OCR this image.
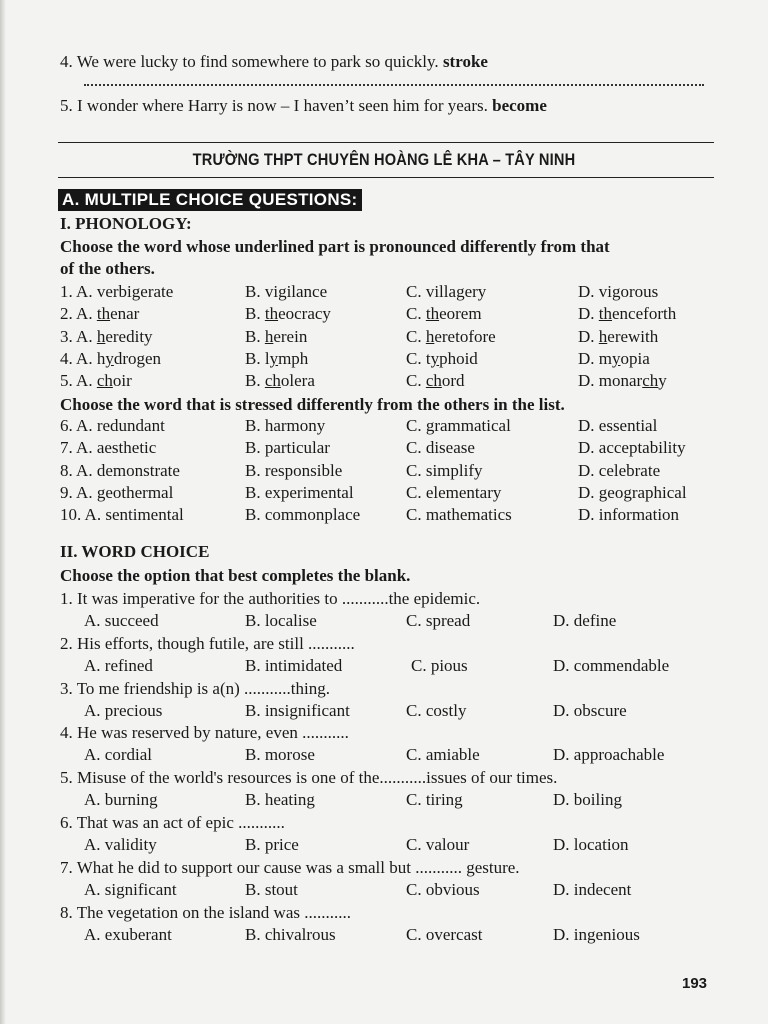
4. We were lucky to find somewhere to park so quickly. stroke
5. I wonder where Harry is now – I haven’t seen him for years. become
TRƯỜNG THPT CHUYÊN HOÀNG LÊ KHA – TÂY NINH
A. MULTIPLE CHOICE QUESTIONS:
I. PHONOLOGY:
Choose the word whose underlined part is pronounced differently from that
of the others.
1. A. verbigerate	B. vigilance	C. villagery	D. vigorous
2. A. thenar	B. theocracy	C. theorem	D. thenceforth
3. A. heredity	B. herein	C. heretofore	D. herewith
4. A. hydrogen	B. lymph	C. typhoid	D. myopia
5. A. choir	B. cholera	C. chord	D. monarchy
Choose the word that is stressed differently from the others in the list.
6. A. redundant	B. harmony	C. grammatical	D. essential
7. A. aesthetic	B. particular	C. disease	D. acceptability
8. A. demonstrate	B. responsible	C. simplify	D. celebrate
9. A. geothermal	B. experimental	C. elementary	D. geographical
10. A. sentimental	B. commonplace	C. mathematics	D. information
II. WORD CHOICE
Choose the option that best completes the blank.
1. It was imperative for the authorities to ...........the epidemic.
A. succeed	B. localise	C. spread	D. define
2. His efforts, though futile, are still ...........
A. refined	B. intimidated	C. pious	D. commendable
3. To me friendship is a(n) ...........thing.
A. precious	B. insignificant	C. costly	D. obscure
4. He was reserved by nature, even ...........
A. cordial	B. morose	C. amiable	D. approachable
5. Misuse of the world's resources is one of the...........issues of our times.
A. burning	B. heating	C. tiring	D. boiling
6. That was an act of epic ...........
A. validity	B. price	C. valour	D. location
7. What he did to support our cause was a small but ........... gesture.
A. significant	B. stout	C. obvious	D. indecent
8. The vegetation on the island was ...........
A. exuberant	B. chivalrous	C. overcast	D. ingenious
193
